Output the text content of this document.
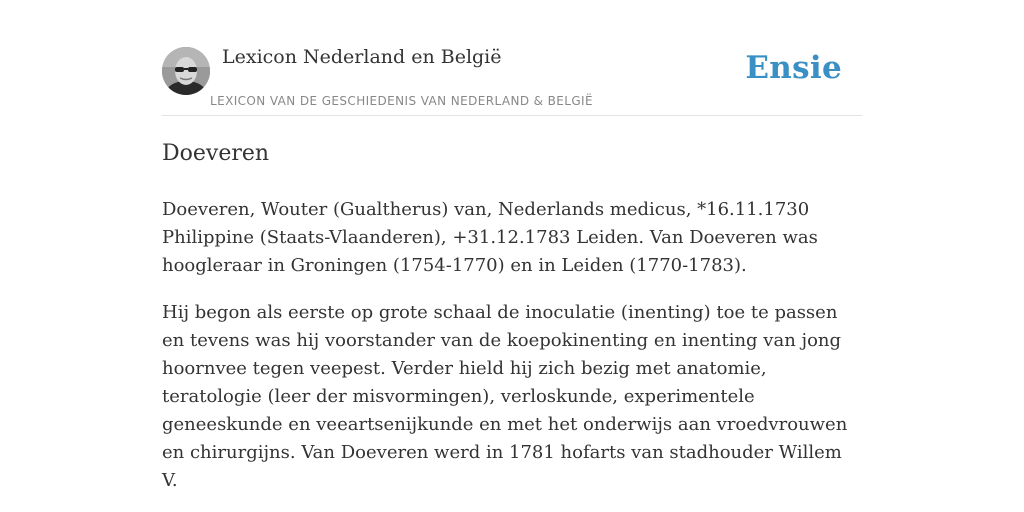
Lexicon Nederland en België
LEXICON VAN DE GESCHIEDENIS VAN NEDERLAND & BELGIË
Ensie
Doeveren

Doeveren, Wouter (Gualtherus) van, Nederlands medicus, *16.11.1730 Philippine (Staats-Vlaanderen), +31.12.1783 Leiden. Van Doeveren was hoogleraar in Groningen (1754-1770) en in Leiden (1770-1783).

Hij begon als eerste op grote schaal de inoculatie (inenting) toe te passen en tevens was hij voorstander van de koepokinenting en inenting van jong hoornvee tegen veepest. Verder hield hij zich bezig met anatomie, teratologie (leer der misvormingen), verloskunde, experimentele geneeskunde en veeartsenijkunde en met het onderwijs aan vroedvrouwen en chirurgijns. Van Doeveren werd in 1781 hofarts van stadhouder Willem V.
